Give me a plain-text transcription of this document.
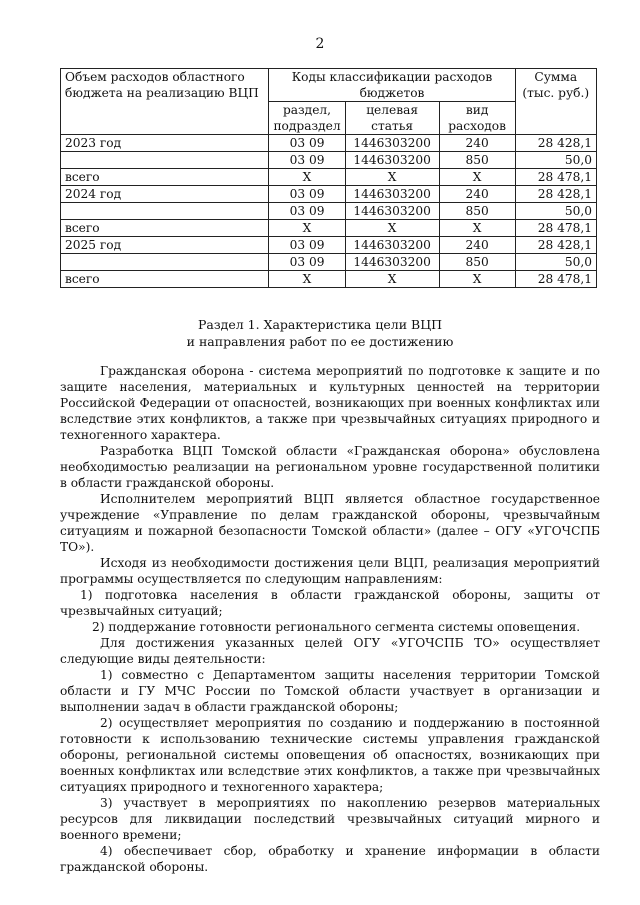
2
Объем расходов областного бюджета на реализацию ВЦП	Коды классификации расходов бюджетов			Сумма (тыс. руб.)
	раздел, подраздел	целевая статья	вид расходов	
2023 год	03 09	1446303200	240	28 428,1
	03 09	1446303200	850	50,0
всего	Х	Х	Х	28 478,1
2024 год	03 09	1446303200	240	28 428,1
	03 09	1446303200	850	50,0
всего	Х	Х	Х	28 478,1
2025 год	03 09	1446303200	240	28 428,1
	03 09	1446303200	850	50,0
всего	Х	Х	Х	28 478,1
Раздел 1. Характеристика цели ВЦП
и направления работ по ее достижению

Гражданская оборона - система мероприятий по подготовке к защите и по защите населения, материальных и культурных ценностей на территории Российской Федерации от опасностей, возникающих при военных конфликтах или вследствие этих конфликтов, а также при чрезвычайных ситуациях природного и техногенного характера.

Разработка ВЦП Томской области «Гражданская оборона» обусловлена необходимостью реализации на региональном уровне государственной политики в области гражданской обороны.

Исполнителем мероприятий ВЦП является областное государственное учреждение «Управление по делам гражданской обороны, чрезвычайным ситуациям и пожарной безопасности Томской области» (далее – ОГУ «УГОЧСПБ ТО»).

Исходя из необходимости достижения цели ВЦП, реализация мероприятий программы осуществляется по следующим направлениям:

1) подготовка населения в области гражданской обороны, защиты от чрезвычайных ситуаций;

2) поддержание готовности регионального сегмента системы оповещения.

Для достижения указанных целей ОГУ «УГОЧСПБ ТО» осуществляет следующие виды деятельности:

1) совместно с Департаментом защиты населения территории Томской области и ГУ МЧС России по Томской области участвует в организации и выполнении задач в области гражданской обороны;

2) осуществляет мероприятия по созданию и поддержанию в постоянной готовности к использованию технические системы управления гражданской обороны, региональной системы оповещения об опасностях, возникающих при военных конфликтах или вследствие этих конфликтов, а также при чрезвычайных ситуациях природного и техногенного характера;

3) участвует в мероприятиях по накоплению резервов материальных ресурсов для ликвидации последствий чрезвычайных ситуаций мирного и военного времени;

4) обеспечивает сбор, обработку и хранение информации в области гражданской обороны.
